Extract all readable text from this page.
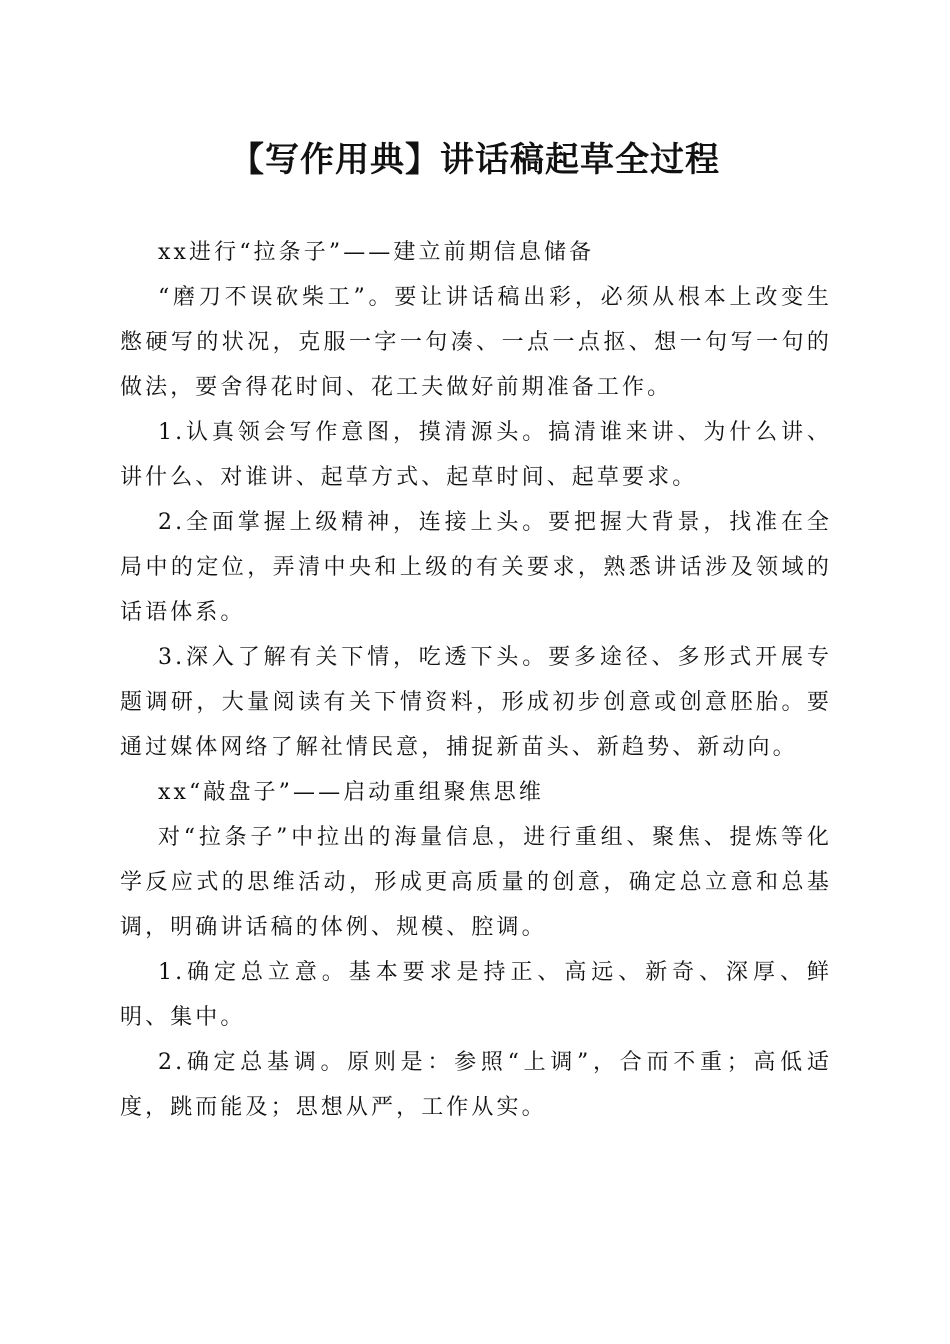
【写作用典】讲话稿起草全过程

xx进行“拉条子”——建立前期信息储备

“磨刀不误砍柴工”。要让讲话稿出彩，必须从根本上改变生憋硬写的状况，克服一字一句凑、一点一点抠、想一句写一句的做法，要舍得花时间、花工夫做好前期准备工作。

1.认真领会写作意图，摸清源头。搞清谁来讲、为什么讲、讲什么、对谁讲、起草方式、起草时间、起草要求。

2.全面掌握上级精神，连接上头。要把握大背景，找准在全局中的定位，弄清中央和上级的有关要求，熟悉讲话涉及领域的话语体系。

3.深入了解有关下情，吃透下头。要多途径、多形式开展专题调研，大量阅读有关下情资料，形成初步创意或创意胚胎。要通过媒体网络了解社情民意，捕捉新苗头、新趋势、新动向。

xx“敲盘子”——启动重组聚焦思维

对“拉条子”中拉出的海量信息，进行重组、聚焦、提炼等化学反应式的思维活动，形成更高质量的创意，确定总立意和总基调，明确讲话稿的体例、规模、腔调。

1.确定总立意。基本要求是持正、高远、新奇、深厚、鲜明、集中。

2.确定总基调。原则是：参照“上调”，合而不重；高低适度，跳而能及；思想从严，工作从实。
